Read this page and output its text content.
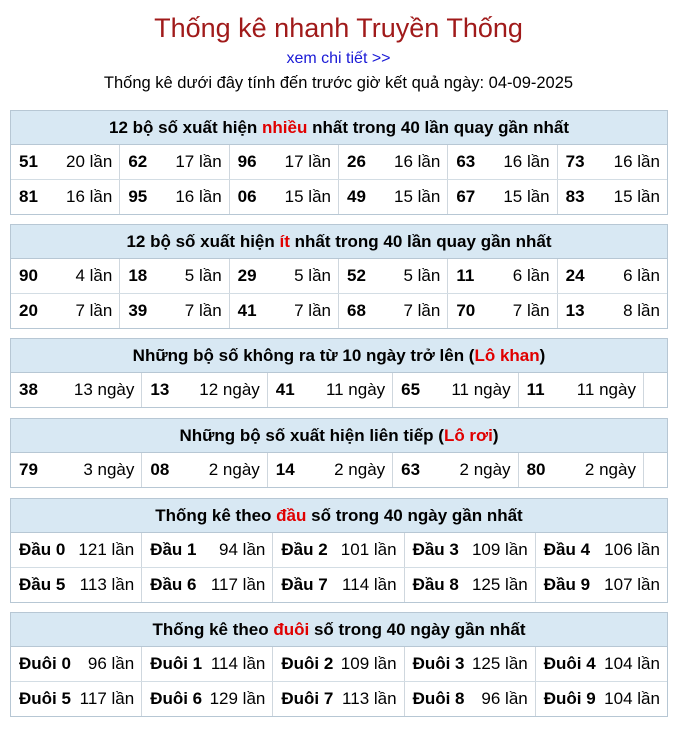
Thống kê nhanh Truyền Thống
xem chi tiết >>
Thống kê dưới đây tính đến trước giờ kết quả ngày: 04-09-2025
12 bộ số xuất hiện nhiều nhất trong 40 lần quay gần nhất
51 20 lần 62 17 lần 96 17 lần 26 16 lần 63 16 lần 73 16 lần
81 16 lần 95 16 lần 06 15 lần 49 15 lần 67 15 lần 83 15 lần
12 bộ số xuất hiện ít nhất trong 40 lần quay gần nhất
90 4 lần 18 5 lần 29 5 lần 52 5 lần 11 6 lần 24 6 lần
20 7 lần 39 7 lần 41 7 lần 68 7 lần 70 7 lần 13 8 lần
Những bộ số không ra từ 10 ngày trở lên (Lô khan)
38 13 ngày 13 12 ngày 41 11 ngày 65 11 ngày 11 11 ngày
Những bộ số xuất hiện liên tiếp (Lô rơi)
79	3 ngày 08 2 ngày 14 2 ngày 63 2 ngày 80 2 ngày
Thống kê theo đầu số trong 40 ngày gần nhất
Đầu 0 121 lần Đầu 1 94 lần Đầu 2 101 lần Đầu 3 109 lần Đầu 4 106 lần
Đầu 5 113 lần Đầu 6 117 lần Đầu 7 114 lần Đầu 8 125 lần Đầu 9 107 lần
Thống kê theo đuôi số trong 40 ngày gần nhất
Đuôi 0 96 lần Đuôi 1 114 lần Đuôi 2 109 lần Đuôi 3 125 lần Đuôi 4 104 lần
Đuôi 5 117 lần Đuôi 6 129 lần Đuôi 7 113 lần Đuôi 8 96 lần Đuôi 9 104 lần
